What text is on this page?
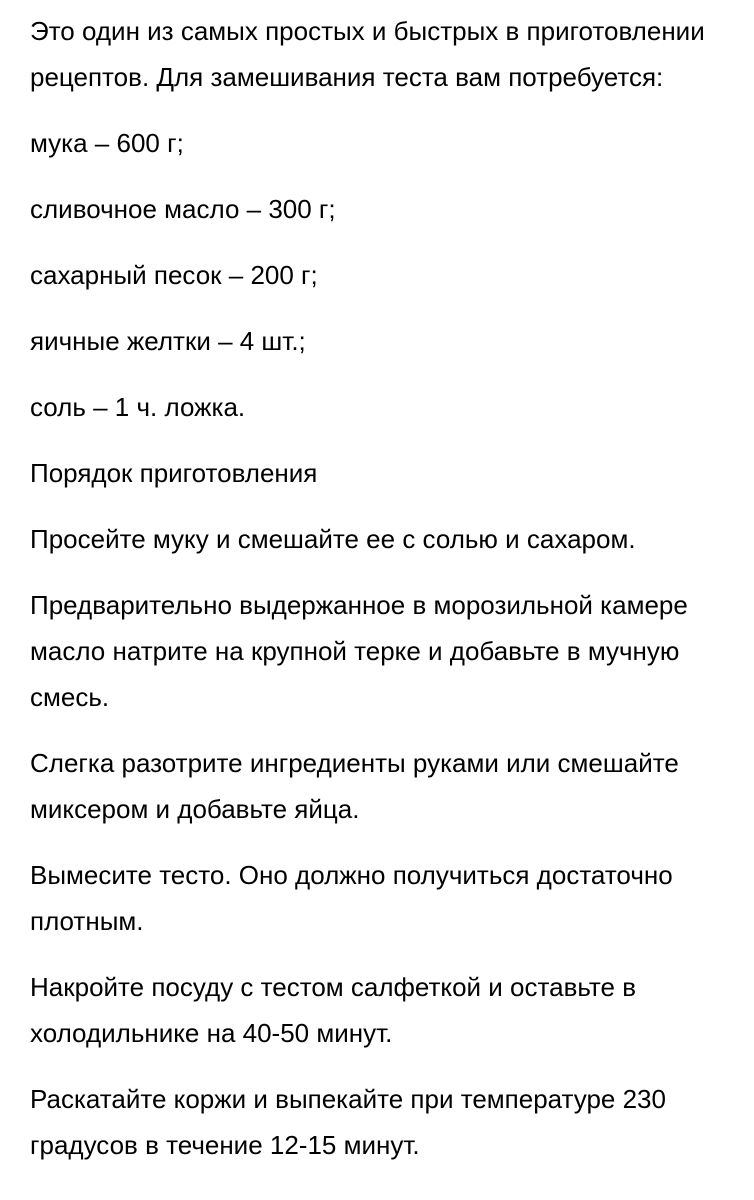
Это один из самых простых и быстрых в приготовлении рецептов. Для замешивания теста вам потребуется:

мука – 600 г;

сливочное масло – 300 г;

сахарный песок – 200 г;

яичные желтки – 4 шт.;

соль – 1 ч. ложка.

Порядок приготовления

Просейте муку и смешайте ее с солью и сахаром.

Предварительно выдержанное в морозильной камере масло натрите на крупной терке и добавьте в мучную смесь.

Слегка разотрите ингредиенты руками или смешайте миксером и добавьте яйца.

Вымесите тесто. Оно должно получиться достаточно плотным.

Накройте посуду с тестом салфеткой и оставьте в холодильнике на 40-50 минут.

Раскатайте коржи и выпекайте при температуре 230 градусов в течение 12-15 минут.
